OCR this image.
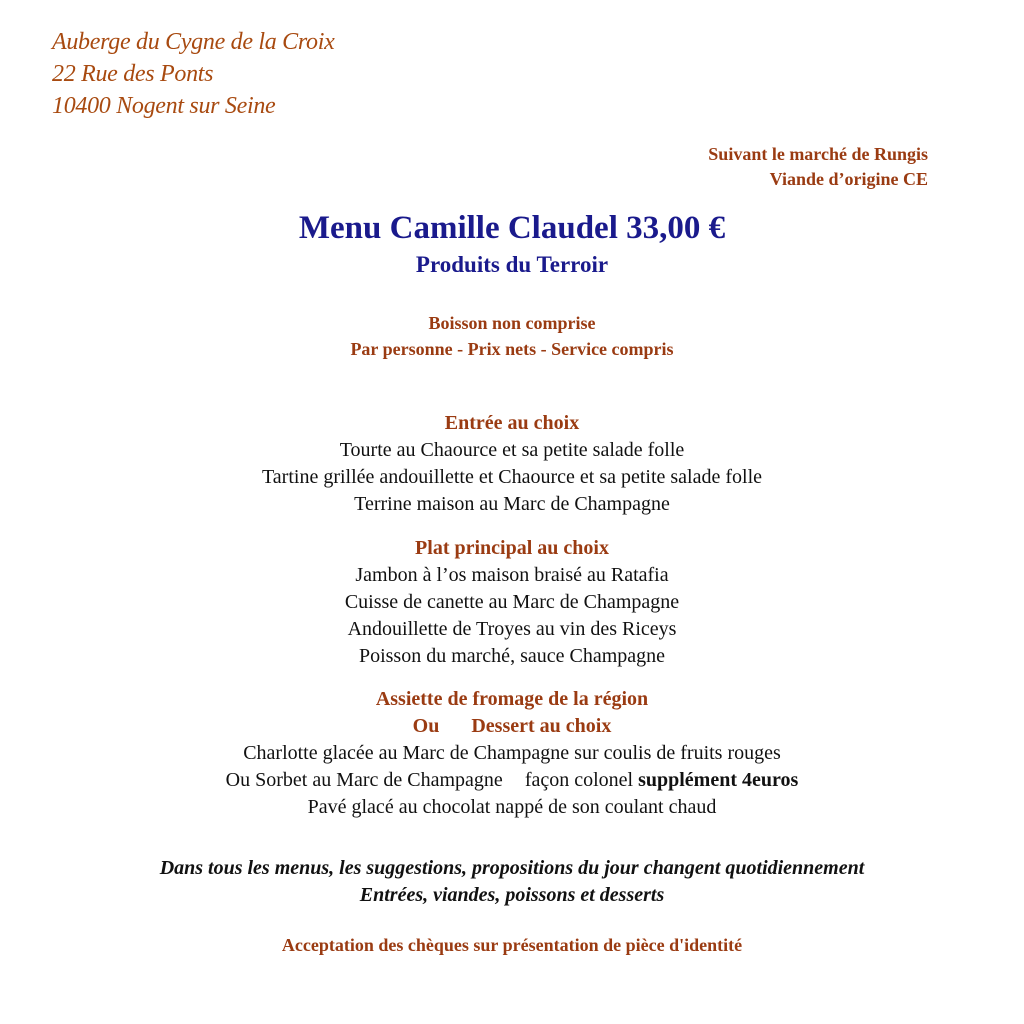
Auberge du Cygne de la Croix
22 Rue des Ponts
10400 Nogent sur Seine
Suivant le marché de Rungis
Viande d’origine CE
Menu Camille Claudel 33,00 €
Produits du Terroir
Boisson non comprise
Par personne - Prix nets - Service compris
Entrée au choix
Tourte au Chaource et sa petite salade folle
Tartine grillée andouillette et Chaource et sa petite salade folle
Terrine maison au Marc de Champagne
Plat principal au choix
Jambon à l’os maison braisé au Ratafia
Cuisse de canette au Marc de Champagne
Andouillette de Troyes au vin des Riceys
Poisson du marché, sauce Champagne
Assiette de fromage de la région
Ou Dessert au choix
Charlotte glacée au Marc de Champagne sur coulis de fruits rouges
Ou Sorbet au Marc de Champagne façon colonel supplément 4euros
Pavé glacé au chocolat nappé de son coulant chaud
Dans tous les menus, les suggestions, propositions du jour changent quotidiennement
Entrées, viandes, poissons et desserts
Acceptation des chèques sur présentation de pièce d'identité
